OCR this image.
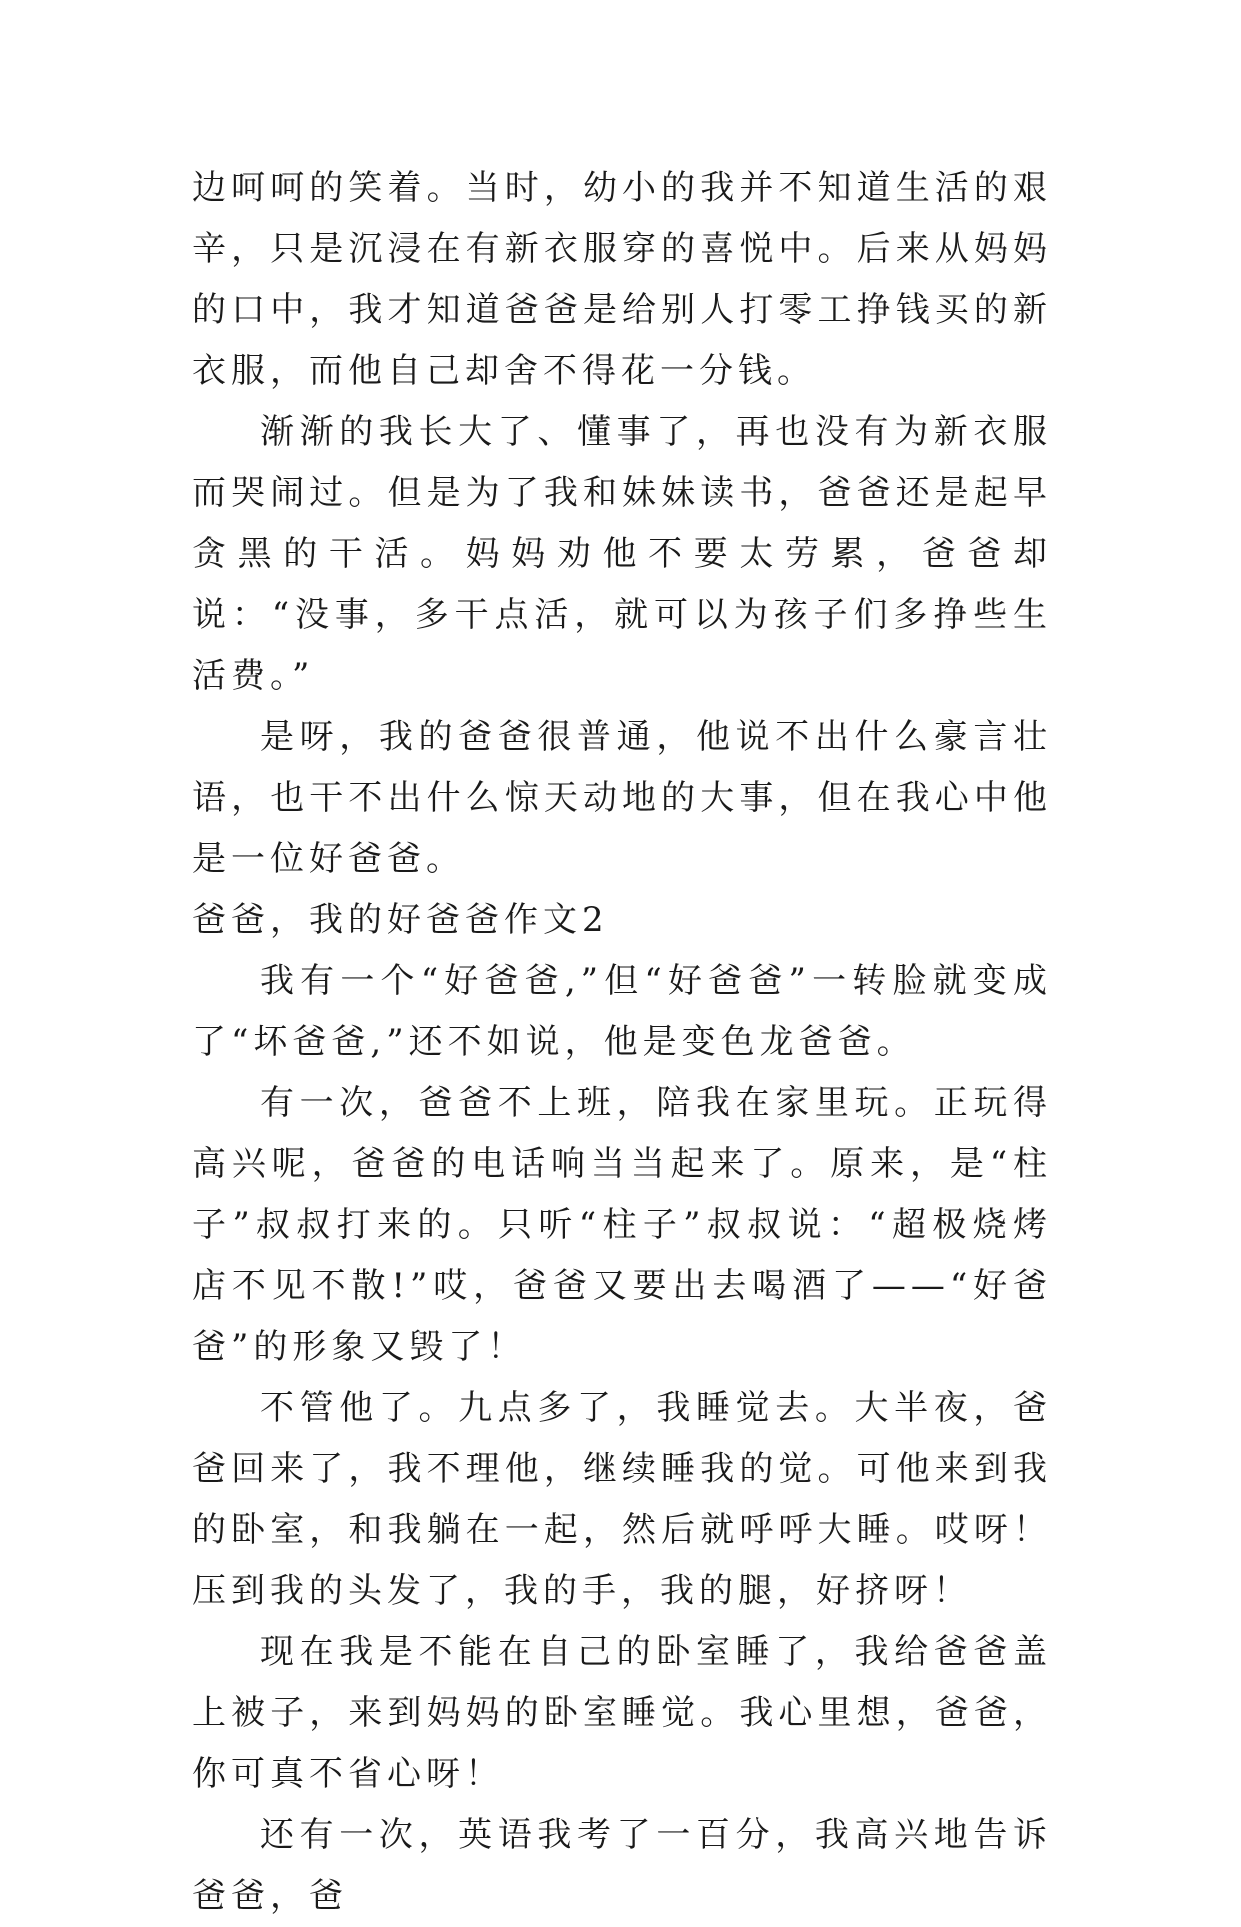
边呵呵的笑着。当时，幼小的我并不知道生活的艰辛，只是沉浸在有新衣服穿的喜悦中。后来从妈妈的口中，我才知道爸爸是给别人打零工挣钱买的新衣服，而他自己却舍不得花一分钱。

渐渐的我长大了、懂事了，再也没有为新衣服而哭闹过。但是为了我和妹妹读书，爸爸还是起早贪黑的干活。妈妈劝他不要太劳累，爸爸却说：“没事，多干点活，就可以为孩子们多挣些生活费。”

是呀，我的爸爸很普通，他说不出什么豪言壮语，也干不出什么惊天动地的大事，但在我心中他是一位好爸爸。

爸爸，我的好爸爸作文2

我有一个“好爸爸,”但“好爸爸”一转脸就变成了“坏爸爸,”还不如说，他是变色龙爸爸。

有一次，爸爸不上班，陪我在家里玩。正玩得高兴呢，爸爸的电话响当当起来了。原来，是“柱子”叔叔打来的。只听“柱子”叔叔说：“超极烧烤店不见不散!”哎，爸爸又要出去喝酒了——“好爸爸”的形象又毁了！

不管他了。九点多了，我睡觉去。大半夜，爸爸回来了，我不理他，继续睡我的觉。可他来到我的卧室，和我躺在一起，然后就呼呼大睡。哎呀！压到我的头发了，我的手，我的腿，好挤呀！

现在我是不能在自己的卧室睡了，我给爸爸盖上被子，来到妈妈的卧室睡觉。我心里想，爸爸，你可真不省心呀！

还有一次，英语我考了一百分，我高兴地告诉爸爸，爸
